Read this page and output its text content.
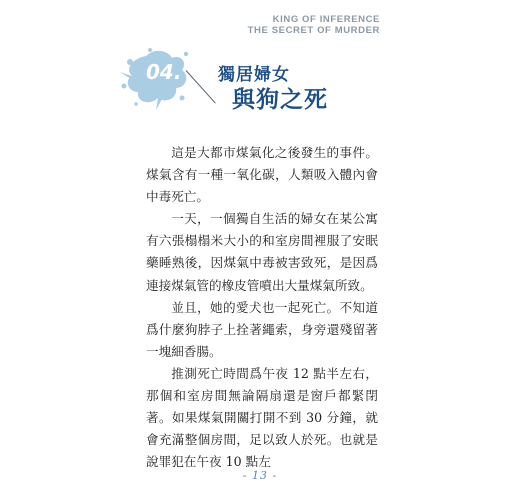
KING OF INFERENCE
THE SECRET OF MURDER
04.	獨居婦女
與狗之死

這是大都市煤氣化之後發生的事件。煤氣含有一種一氧化碳，人類吸入體內會中毒死亡。

一天，一個獨自生活的婦女在某公寓有六張榻榻米大小的和室房間裡服了安眠藥睡熟後，因煤氣中毒被害致死，是因爲連接煤氣管的橡皮管噴出大量煤氣所致。

並且，她的愛犬也一起死亡。不知道爲什麼狗脖子上拴著繩索，身旁還殘留著一塊細香腸。

推測死亡時間爲午夜 12 點半左右，那個和室房間無論隔扇還是窗戶都緊閉著。如果煤氣開關打開不到 30 分鐘，就會充滿整個房間，足以致人於死。也就是說罪犯在午夜 10 點左

- 13 -
